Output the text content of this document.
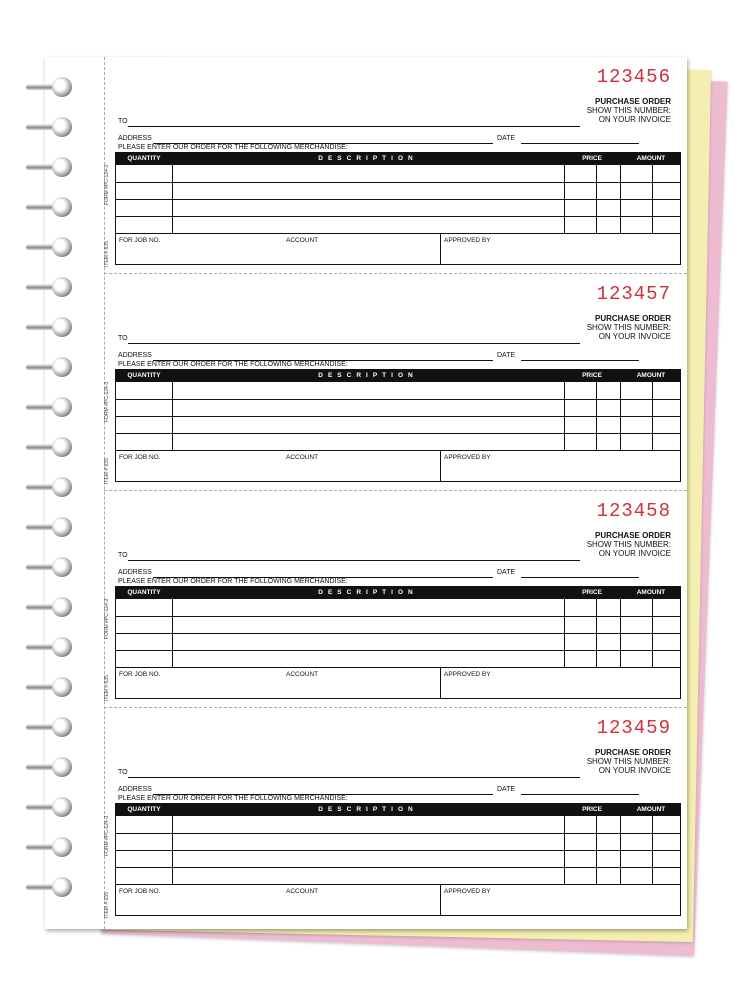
FORM #PC-124-3
ITEM # 635
123456
PURCHASE ORDER
SHOW THIS NUMBER:
ON YOUR INVOICE
TO
ADDRESS	DATE
PLEASE ENTER OUR ORDER FOR THE FOLLOWING MERCHANDISE:
QUANTITY	DESCRIPTION	PRICE	AMOUNT
FOR JOB NO.	ACCOUNT	APPROVED BY
FORM #PC-124-3
ITEM # 635
123457
PURCHASE ORDER
SHOW THIS NUMBER:
ON YOUR INVOICE
TO
ADDRESS	DATE
PLEASE ENTER OUR ORDER FOR THE FOLLOWING MERCHANDISE:
QUANTITY	DESCRIPTION	PRICE	AMOUNT
FOR JOB NO.	ACCOUNT	APPROVED BY
FORM #PC-124-3
ITEM # 635
123458
PURCHASE ORDER
SHOW THIS NUMBER:
ON YOUR INVOICE
TO
ADDRESS	DATE
PLEASE ENTER OUR ORDER FOR THE FOLLOWING MERCHANDISE:
QUANTITY	DESCRIPTION	PRICE	AMOUNT
FOR JOB NO.	ACCOUNT	APPROVED BY
FORM #PC-124-3
ITEM # 635
123459
PURCHASE ORDER
SHOW THIS NUMBER:
ON YOUR INVOICE
TO
ADDRESS	DATE
PLEASE ENTER OUR ORDER FOR THE FOLLOWING MERCHANDISE:
QUANTITY	DESCRIPTION	PRICE	AMOUNT
FOR JOB NO.	ACCOUNT	APPROVED BY
